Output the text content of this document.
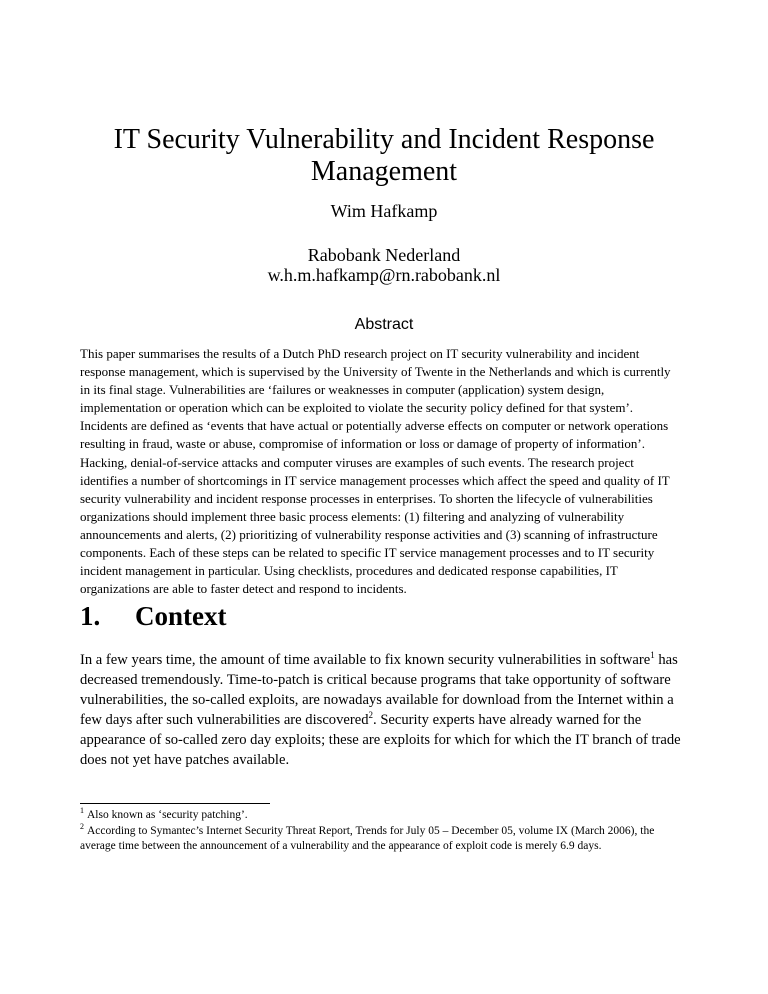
IT Security Vulnerability and Incident Response Management
Wim Hafkamp
Rabobank Nederland
w.h.m.hafkamp@rn.rabobank.nl
Abstract

This paper summarises the results of a Dutch PhD research project on IT security vulnerability and incident response management, which is supervised by the University of Twente in the Netherlands and which is currently in its final stage. Vulnerabilities are ‘failures or weaknesses in computer (application) system design, implementation or operation which can be exploited to violate the security policy defined for that system’. Incidents are defined as ‘events that have actual or potentially adverse effects on computer or network operations resulting in fraud, waste or abuse, compromise of information or loss or damage of property of information’. Hacking, denial-of-service attacks and computer viruses are examples of such events. The research project identifies a number of shortcomings in IT service management processes which affect the speed and quality of IT security vulnerability and incident response processes in enterprises. To shorten the lifecycle of vulnerabilities organizations should implement three basic process elements: (1) filtering and analyzing of vulnerability announcements and alerts, (2) prioritizing of vulnerability response activities and (3) scanning of infrastructure components. Each of these steps can be related to specific IT service management processes and to IT security incident management in particular. Using checklists, procedures and dedicated response capabilities, IT organizations are able to faster detect and respond to incidents.

1. Context

In a few years time, the amount of time available to fix known security vulnerabilities in software$^1$ has decreased tremendously. Time-to-patch is critical because programs that take opportunity of software vulnerabilities, the so-called exploits, are nowadays available for download from the Internet within a few days after such vulnerabilities are discovered$^2$. Security experts have already warned for the appearance of so-called zero day exploits; these are exploits for which for which the IT branch of trade does not yet have patches available.

$^1$ Also known as ‘security patching’.

$^2$ According to Symantec’s Internet Security Threat Report, Trends for July 05 – December 05, volume IX (March 2006), the average time between the announcement of a vulnerability and the appearance of exploit code is merely 6.9 days.
